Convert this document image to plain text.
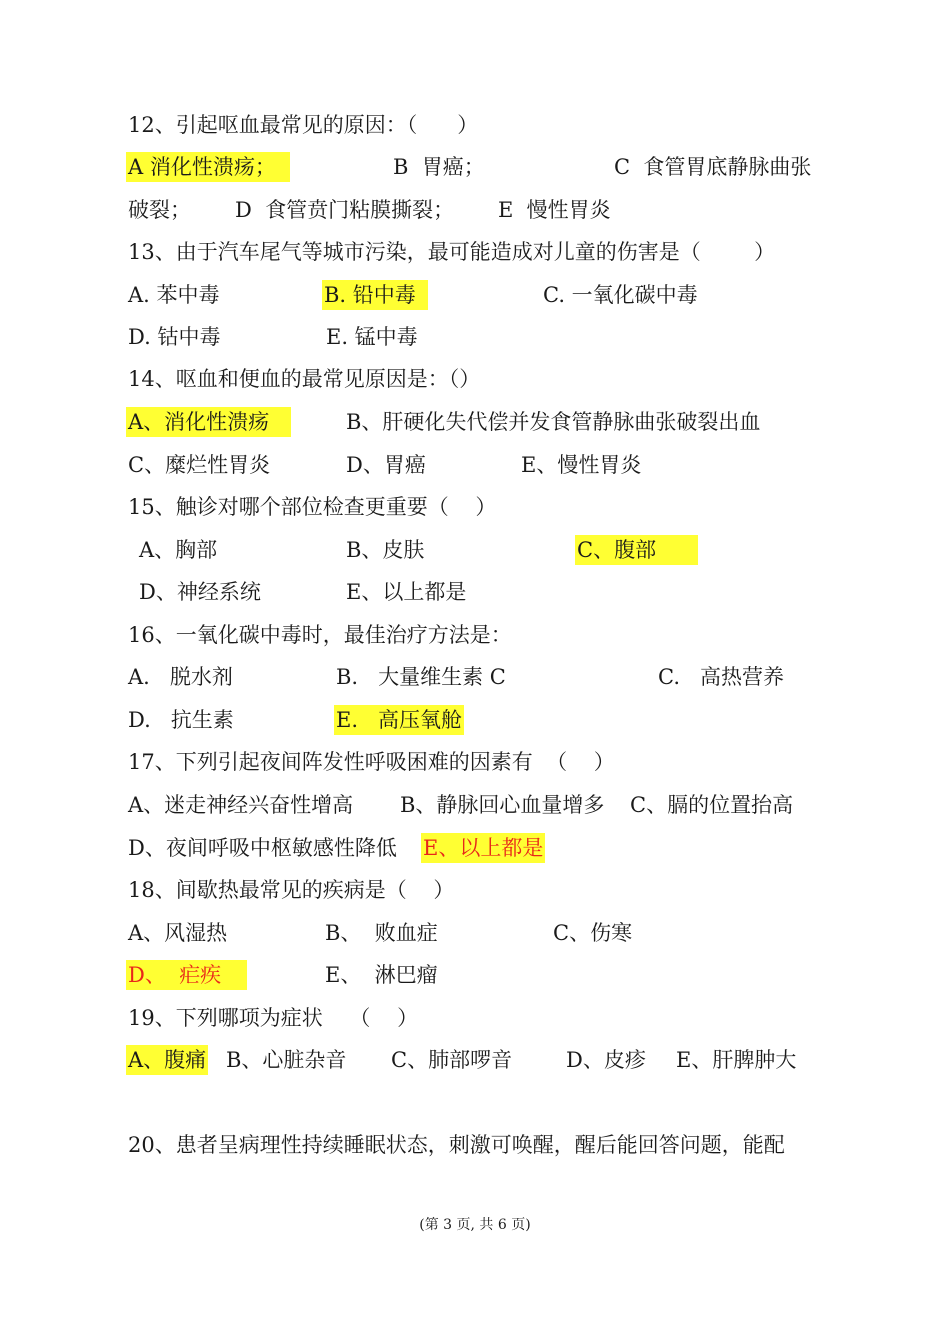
12、引起呕血最常见的原因：（      ）
A 消化性溃疡；	B  胃癌；	C  食管胃底静脉曲张
破裂； D  食管贲门粘膜撕裂； E  慢性胃炎
13、由于汽车尾气等城市污染，最可能造成对儿童的伤害是（        ）
A. 苯中毒	B. 铅中毒	C. 一氧化碳中毒
D. 钴中毒	E. 锰中毒
14、呕血和便血的最常见原因是：（）
A、消化性溃疡	B、肝硬化失代偿并发食管静脉曲张破裂出血
C、糜烂性胃炎	D、胃癌	E、慢性胃炎
15、触诊对哪个部位检查更重要（    ）
A、胸部	B、皮肤	C、腹部
D、神经系统	E、以上都是
16、一氧化碳中毒时，最佳治疗方法是：
A.   脱水剂	B.   大量维生素 C	C.   高热营养
D.   抗生素	E.   高压氧舱
17、下列引起夜间阵发性呼吸困难的因素有  （    ）
A、迷走神经兴奋性增高 B、静脉回心血量增多 C、膈的位置抬高
D、夜间呼吸中枢敏感性降低 E、以上都是
18、间歇热最常见的疾病是（    ）
A、风湿热	B、  败血症	C、伤寒
D、  疟疾	E、  淋巴瘤
19、下列哪项为症状    （    ）
A、腹痛 B、心脏杂音 C、肺部啰音	D、皮疹 E、肝脾肿大
20、患者呈病理性持续睡眠状态，刺激可唤醒，醒后能回答问题，能配
(第 3 页, 共 6 页)
